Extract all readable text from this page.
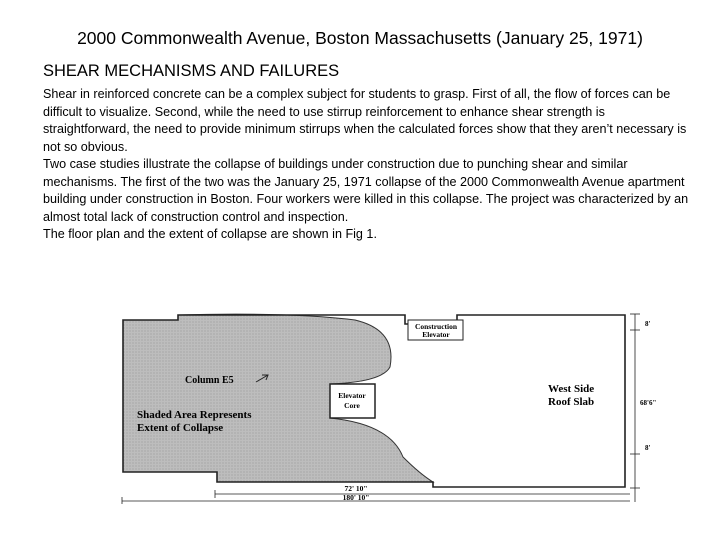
2000 Commonwealth Avenue, Boston Massachusetts (January 25, 1971)
SHEAR MECHANISMS AND FAILURES

Shear in reinforced concrete can be a complex subject for students to grasp. First of all, the flow of forces can be difficult to visualize. Second, while the need to use stirrup reinforcement to enhance shear strength is straightforward, the need to provide minimum stirrups when the calculated forces show that they aren’t necessary is not so obvious.

Two case studies illustrate the collapse of buildings under construction due to punching shear and similar mechanisms. The first of the two was the January 25, 1971 collapse of the 2000 Commonwealth Avenue apartment building under construction in Boston. Four workers were killed in this collapse. The project was characterized by an almost total lack of construction control and inspection.

The floor plan and the extent of collapse are shown in Fig 1.

Construction
Elevator
Column E5
Elevator
Core
Shaded Area Represents
Extent of Collapse
West Side
Roof Slab
8'
68'6"
8'
72' 10"
180' 10"
